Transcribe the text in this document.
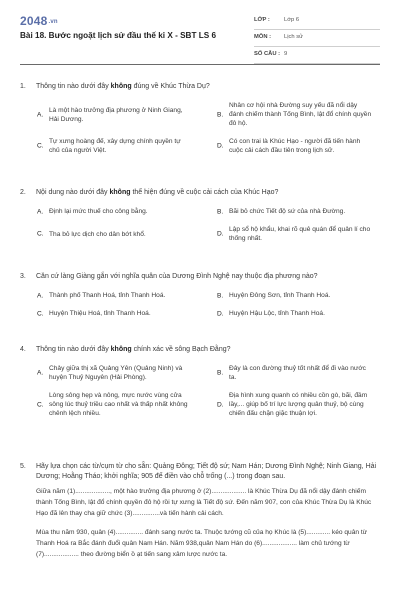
2048.vn
Bài 18. Bước ngoặt lịch sử đầu thế kỉ X - SBT LS 6
LỚP : Lớp 6
MÔN : Lịch sử
SỐ CÂU : 9
1. Thông tin nào dưới đây không đúng về Khúc Thừa Dụ?
A.
Là một hào trưởng địa phương ở Ninh Giang, Hải Dương.
B.
Nhân cơ hội nhà Đường suy yếu đã nổi dậy đánh chiếm thành Tống Bình, lật đổ chính quyền đô hộ.
C.
Tự xưng hoàng đế, xây dựng chính quyền tự chủ của người Việt.
D.
Có con trai là Khúc Hạo - người đã tiến hành cuộc cải cách đầu tiên trong lịch sử.
2. Nội dung nào dưới đây không thể hiện đúng về cuộc cải cách của Khúc Hạo?
A. Định lại mức thuế cho công bằng.	B. Bãi bỏ chức Tiết độ sứ của nhà Đường.
C. Tha bỏ lực dịch cho dân bớt khổ.	D.
Lập sổ hộ khẩu, khai rõ quê quán để quản lí cho thống nhất.
3. Căn cứ làng Giàng gắn với nghĩa quân của Dương Đình Nghệ nay thuộc địa phương nào?
A. Thành phố Thanh Hoá, tỉnh Thanh Hoá.	B. Huyện Đông Sơn, tỉnh Thanh Hoá.
C. Huyện Thiệu Hoá, tỉnh Thanh Hoá.	D. Huyện Hậu Lộc, tỉnh Thanh Hoá.
4. Thông tin nào dưới đây không chính xác về sông Bạch Đằng?
A.
Chảy giữa thị xã Quảng Yên (Quảng Ninh) và huyện Thuỷ Nguyên (Hải Phòng).
B.
Đây là con đường thuỷ tốt nhất để đi vào nước ta.
C.
Lòng sông hẹp và nông, mực nước vùng cửa sông lúc thuỷ triều cao nhất và thấp nhất không chênh lệch nhiều.
D.
Địa hình xung quanh có nhiều cồn gò, bãi, đầm lầy,... giúp bố trí lực lượng quân thuỷ, bộ cùng chiến đấu chặn giặc thuận lợi.
5. Hãy lựa chọn các từ/cụm từ cho sẵn: Quảng Đông; Tiết độ sứ; Nam Hán; Dương Đình Nghệ; Ninh Giang, Hải Dương; Hoằng Tháo; khởi nghĩa; 905 để điền vào chỗ trống (...) trong đoạn sau.

Giữa năm (1)..................., một hào trưởng địa phương ở (2)................... là Khúc Thừa Dụ đã nổi dậy đánh chiếm thành Tống Bình, lật đổ chính quyền đô hộ rồi tự xưng là Tiết độ sứ. Đến năm 907, con của Khúc Thừa Dụ là Khúc Hạo đã lên thay cha giữ chức (3)...............và tiến hành cải cách.

Mùa thu năm 930, quân (4)............... đánh sang nước ta. Thuộc tướng cũ của họ Khúc là (5)............. kéo quân từ Thanh Hoá ra Bắc đánh đuổi quân Nam Hán. Năm 938,quân Nam Hán do (6)................... làm chủ tướng từ (7)................... theo đường biển ồ ạt tiến sang xâm lược nước ta.
